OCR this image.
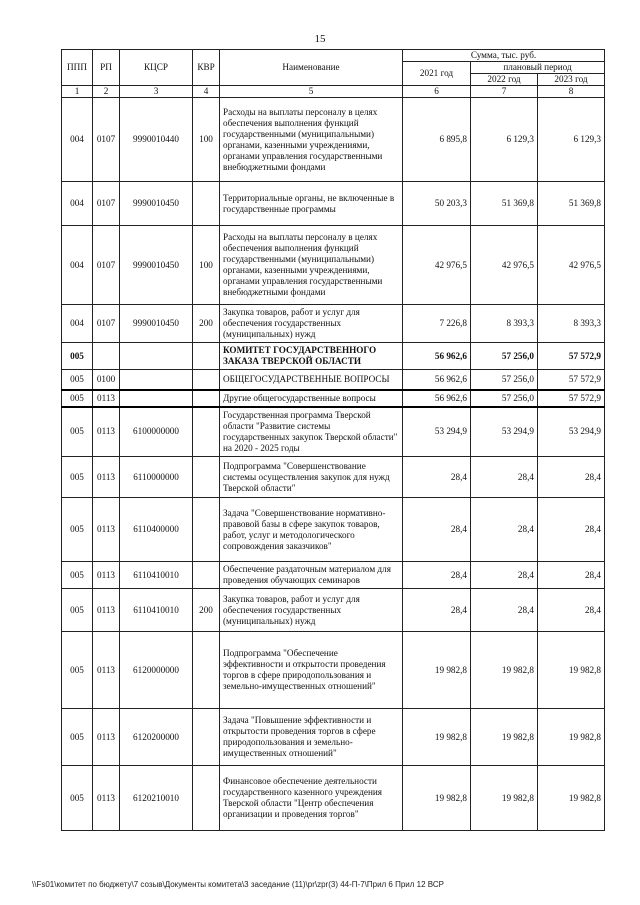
15
ППП	РП	КЦСР	КВР	Наименование	Сумма, тыс. руб.		
					2021 год	плановый период	
						2022 год	2023 год
1	2	3	4	5	6	7	8
004	0107	9990010440	100	Расходы на выплаты персоналу в целях обеспечения выполнения функций государственными (муниципальными) органами, казенными учреждениями, органами управления государственными внебюджетными фондами	6 895,8	6 129,3	6 129,3
004	0107	9990010450		Территориальные органы, не включенные в государственные программы	50 203,3	51 369,8	51 369,8
004	0107	9990010450	100	Расходы на выплаты персоналу в целях обеспечения выполнения функций государственными (муниципальными) органами, казенными учреждениями, органами управления государственными внебюджетными фондами	42 976,5	42 976,5	42 976,5
004	0107	9990010450	200	Закупка товаров, работ и услуг для обеспечения государственных (муниципальных) нужд	7 226,8	8 393,3	8 393,3
005				КОМИТЕТ ГОСУДАРСТВЕННОГО ЗАКАЗА ТВЕРСКОЙ ОБЛАСТИ	56 962,6	57 256,0	57 572,9
005	0100			ОБЩЕГОСУДАРСТВЕННЫЕ ВОПРОСЫ	56 962,6	57 256,0	57 572,9
005	0113			Другие общегосударственные вопросы	56 962,6	57 256,0	57 572,9
005	0113	6100000000		Государственная программа Тверской области "Развитие системы государственных закупок Тверской области" на 2020 - 2025 годы	53 294,9	53 294,9	53 294,9
005	0113	6110000000		Подпрограмма "Совершенствование системы осуществления закупок для нужд Тверской области"	28,4	28,4	28,4
005	0113	6110400000		Задача "Совершенствование нормативно-правовой базы в сфере закупок товаров, работ, услуг и методологического сопровождения заказчиков"	28,4	28,4	28,4
005	0113	6110410010		Обеспечение раздаточным материалом для проведения обучающих семинаров	28,4	28,4	28,4
005	0113	6110410010	200	Закупка товаров, работ и услуг для обеспечения государственных (муниципальных) нужд	28,4	28,4	28,4
005	0113	6120000000		Подпрограмма "Обеспечение эффективности и открытости проведения торгов в сфере природопользования и земельно-имущественных отношений"	19 982,8	19 982,8	19 982,8
005	0113	6120200000		Задача "Повышение эффективности и открытости проведения торгов в сфере природопользования и земельно-имущественных отношений"	19 982,8	19 982,8	19 982,8
005	0113	6120210010		Финансовое обеспечение деятельности государственного казенного учреждения Тверской области "Центр обеспечения организации и проведения торгов"	19 982,8	19 982,8	19 982,8
\\Fs01\комитет по бюджету\7 созыв\Документы комитета\3 заседание (11)\pr\zpr(3) 44-П-7\Прил 6 Прил 12 ВСР
